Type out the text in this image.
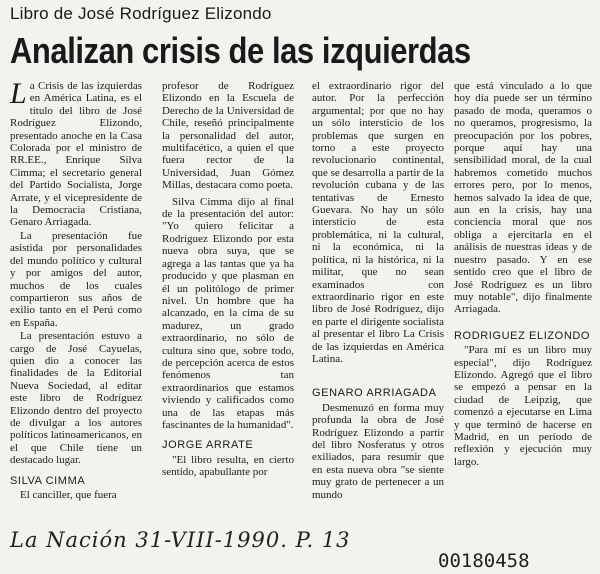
Libro de José Rodríguez Elizondo
Analizan crisis de las izquierdas

La Crisis de las izquierdas en América Latina, es el título del libro de José Rodríguez Elizondo, presentado anoche en la Casa Colorada por el ministro de RR.EE., Enrique Silva Cimma; el secretario general del Partido Socialista, Jorge Arrate, y el vicepresidente de la Democracia Cristiana, Genaro Arriagada.

La presentación fue asistida por personalidades del mundo político y cultural y por amigos del autor, muchos de los cuales compartieron sus años de exilio tanto en el Perú como en España.

La presentación estuvo a cargo de José Cayuelas, quien dio a conocer las finalidades de la Editorial Nueva Sociedad, al editar este libro de Rodríguez Elizondo dentro del proyecto de divulgar a los autores políticos latinoamericanos, en el que Chile tiene un destacado lugar.

SILVA CIMMA

El canciller, que fuera

profesor de Rodríguez Elizondo en la Escuela de Derecho de la Universidad de Chile, reseñó principalmente la personalidad del autor, multifacético, a quien el que fuera rector de la Universidad, Juan Gómez Millas, destacara como poeta.

Silva Cimma dijo al final de la presentación del autor: "Yo quiero felicitar a Rodríguez Elizondo por esta nueva obra suya, que se agrega a las tantas que ya ha producido y que plasman en él un politólogo de primer nivel. Un hombre que ha alcanzado, en la cima de su madurez, un grado extraordinario, no sólo de cultura sino que, sobre todo, de percepción acerca de estos fenómenos tan extraordinarios que estamos viviendo y calificados como una de las etapas más fascinantes de la humanidad".

JORGE ARRATE

"El libro resulta, en cierto sentido, apabullante por

el extraordinario rigor del autor. Por la perfección argumental; por que no hay un sólo intersticio de los problemas que surgen en torno a este proyecto revolucionario continental, que se desarrolla a partir de la revolución cubana y de las tentativas de Ernesto Guevara. No hay un sólo intersticio de esta problemática, ni la cultural, ni la económica, ni la política, ni la histórica, ni la militar, que no sean examinados con extraordinario rigor en este libro de José Rodríguez, dijo en parte el dirigente socialista al presentar el libro La Crisis de las izquierdas en América Latina.

GENARO ARRIAGADA

Desmenuzó en forma muy profunda la obra de José Rodríguez Elizondo a partir del libro Nosferatus y otros exiliados, para resumir que en esta nueva obra "se siente muy grato de pertenecer a un mundo

que está vinculado a lo que hoy día puede ser un término pasado de moda, queramos o no queramos, progresismo, la preocupación por los pobres, porque aquí hay una sensibilidad moral, de la cual habremos cometido muchos errores pero, por lo menos, hemos salvado la idea de que, aun en la crisis, hay una conciencia moral que nos obliga a ejercitarla en el análisis de nuestras ideas y de nuestro pasado. Y en ese sentido creo que el libro de José Rodríguez es un libro muy notable", dijo finalmente Arriagada.

RODRIGUEZ ELIZONDO

"Para mí es un libro muy especial", dijo Rodríguez Elizondo. Agregó que el libro se empezó a pensar en la ciudad de Leipzig, que comenzó a ejecutarse en Lima y que terminó de hacerse en Madrid, en un período de reflexión y ejecución muy largo.

La Nación 31-VIII-1990. P. 13
00180458
